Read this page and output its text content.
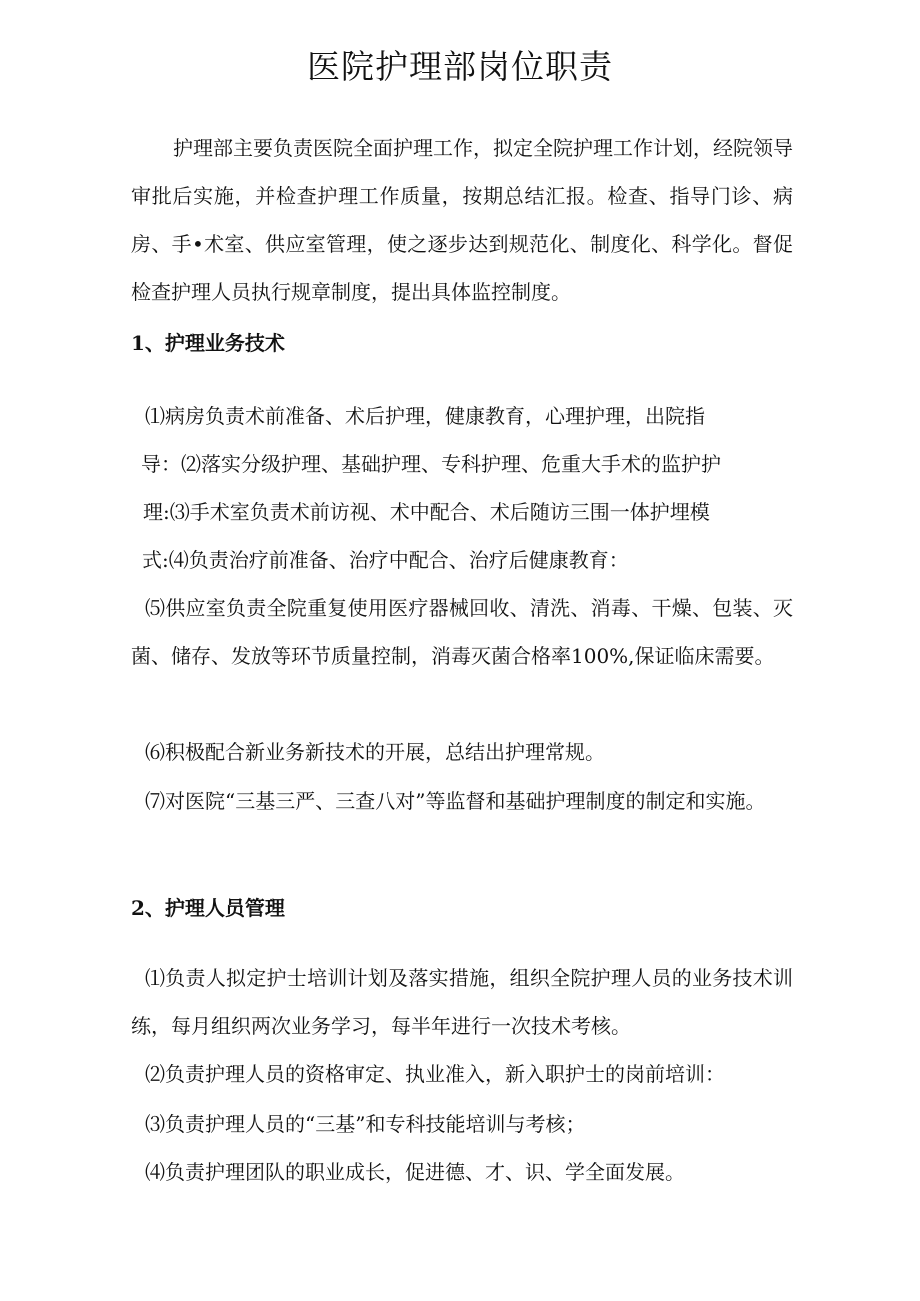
医院护理部岗位职责

护理部主要负责医院全面护理工作，拟定全院护理工作计划，经院领导审批后实施，并检查护理工作质量，按期总结汇报。检查、指导门诊、病房、手•术室、供应室管理，使之逐步达到规范化、制度化、科学化。督促检查护理人员执行规章制度，提出具体监控制度。

1、护理业务技术

⑴病房负责术前准备、术后护理，健康教育，心理护理，出院指

导：⑵落实分级护理、基础护理、专科护理、危重大手术的监护护

理:⑶手术室负责术前访视、术中配合、术后随访三围一体护埋模

式:⑷负责治疗前准备、治疗中配合、治疗后健康教育：

⑸供应室负责全院重复使用医疗器械回收、清洗、消毒、干燥、包装、灭菌、储存、发放等环节质量控制，消毒灭菌合格率100%,保证临床需要。

⑹积极配合新业务新技术的开展，总结出护理常规。

⑺对医院“三基三严、三查八对”等监督和基础护理制度的制定和实施。

2、护理人员管理

⑴负责人拟定护士培训计划及落实措施，组织全院护理人员的业务技术训练，每月组织两次业务学习，每半年进行一次技术考核。

⑵负责护理人员的资格审定、执业准入，新入职护士的岗前培训：

⑶负责护理人员的“三基”和专科技能培训与考核；

⑷负责护理团队的职业成长，促进德、才、识、学全面发展。
